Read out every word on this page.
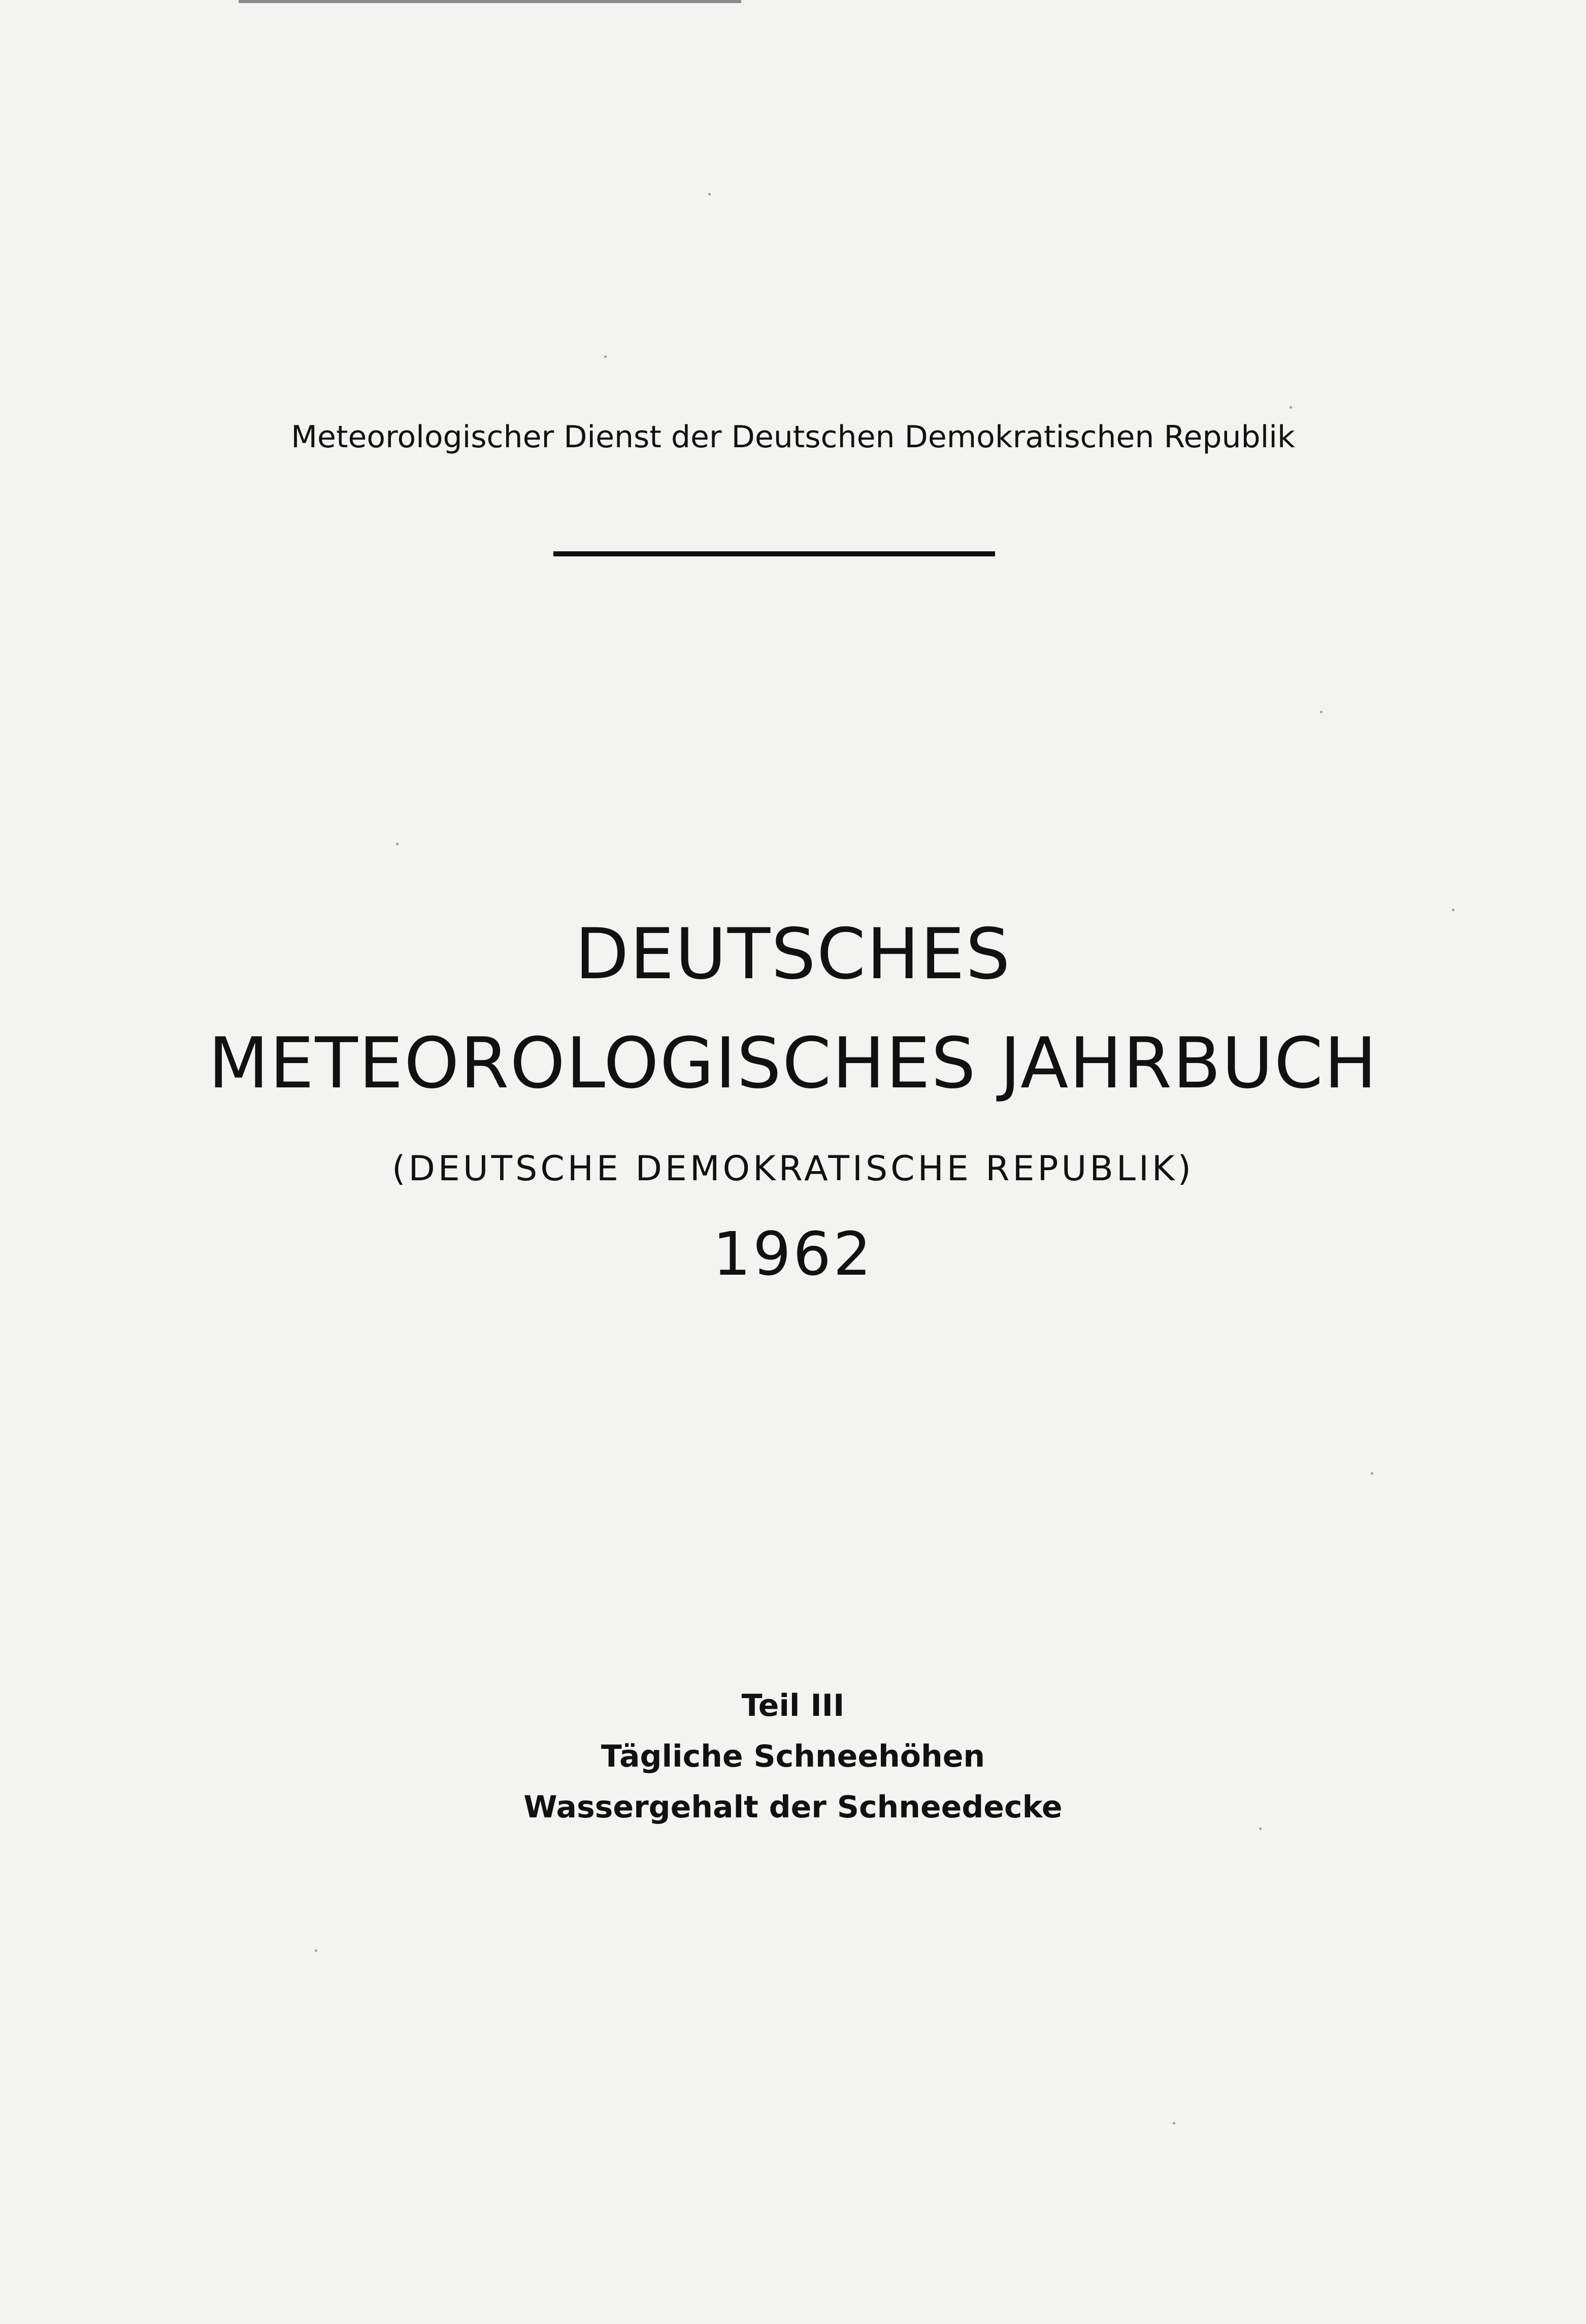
Meteorologischer Dienst der Deutschen Demokratischen Republik
DEUTSCHES
METEOROLOGISCHES JAHRBUCH
(DEUTSCHE DEMOKRATISCHE REPUBLIK)
1962
Teil III
Tägliche Schneehöhen
Wassergehalt der Schneedecke
